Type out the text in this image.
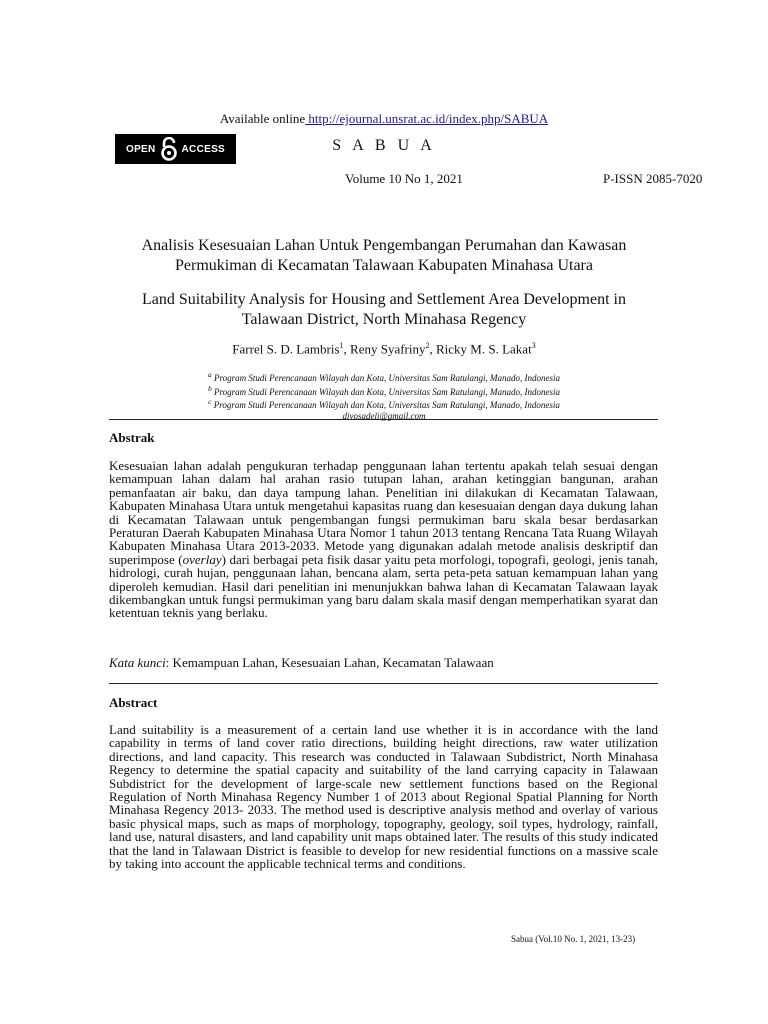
Available online http://ejournal.unsrat.ac.id/index.php/SABUA
OPEN	ACCESS	S A B U A
Volume 10 No 1, 2021	P-ISSN 2085-7020
Analisis Kesesuaian Lahan Untuk Pengembangan Perumahan dan Kawasan
Permukiman di Kecamatan Talawaan Kabupaten Minahasa Utara
Land Suitability Analysis for Housing and Settlement Area Development in
Talawaan District, North Minahasa Regency
Farrel S. D. Lambris$^1$, Reny Syafriny$^2$, Ricky M. S. Lakat$^3$
$^a$ Program Studi Perencanaan Wilayah dan Kota, Universitas Sam Ratulangi, Manado, Indonesia
$^b$ Program Studi Perencanaan Wilayah dan Kota, Universitas Sam Ratulangi, Manado, Indonesia
$^c$ Program Studi Perencanaan Wilayah dan Kota, Universitas Sam Ratulangi, Manado, Indonesia
divosadeli@gmail.com
Abstrak
Kesesuaian lahan adalah pengukuran terhadap penggunaan lahan tertentu apakah telah sesuai dengan kemampuan lahan dalam hal arahan rasio tutupan lahan, arahan ketinggian bangunan, arahan pemanfaatan air baku, dan daya tampung lahan. Penelitian ini dilakukan di Kecamatan Talawaan, Kabupaten Minahasa Utara untuk mengetahui kapasitas ruang dan kesesuaian dengan daya dukung lahan di Kecamatan Talawaan untuk pengembangan fungsi permukiman baru skala besar berdasarkan Peraturan Daerah Kabupaten Minahasa Utara Nomor 1 tahun 2013 tentang Rencana Tata Ruang Wilayah Kabupaten Minahasa Utara 2013-2033. Metode yang digunakan adalah metode analisis deskriptif dan superimpose (overlay) dari berbagai peta fisik dasar yaitu peta morfologi, topografi, geologi, jenis tanah, hidrologi, curah hujan, penggunaan lahan, bencana alam, serta peta-peta satuan kemampuan lahan yang diperoleh kemudian. Hasil dari penelitian ini menunjukkan bahwa lahan di Kecamatan Talawaan layak dikembangkan untuk fungsi permukiman yang baru dalam skala masif dengan memperhatikan syarat dan ketentuan teknis yang berlaku.
Kata kunci: Kemampuan Lahan, Kesesuaian Lahan, Kecamatan Talawaan
Abstract
Land suitability is a measurement of a certain land use whether it is in accordance with the land capability in terms of land cover ratio directions, building height directions, raw water utilization directions, and land capacity. This research was conducted in Talawaan Subdistrict, North Minahasa Regency to determine the spatial capacity and suitability of the land carrying capacity in Talawaan Subdistrict for the development of large-scale new settlement functions based on the Regional Regulation of North Minahasa Regency Number 1 of 2013 about Regional Spatial Planning for North Minahasa Regency 2013- 2033. The method used is descriptive analysis method and overlay of various basic physical maps, such as maps of morphology, topography, geology, soil types, hydrology, rainfall, land use, natural disasters, and land capability unit maps obtained later. The results of this study indicated that the land in Talawaan District is feasible to develop for new residential functions on a massive scale by taking into account the applicable technical terms and conditions.
Sabua (Vol.10 No. 1, 2021, 13-23)
